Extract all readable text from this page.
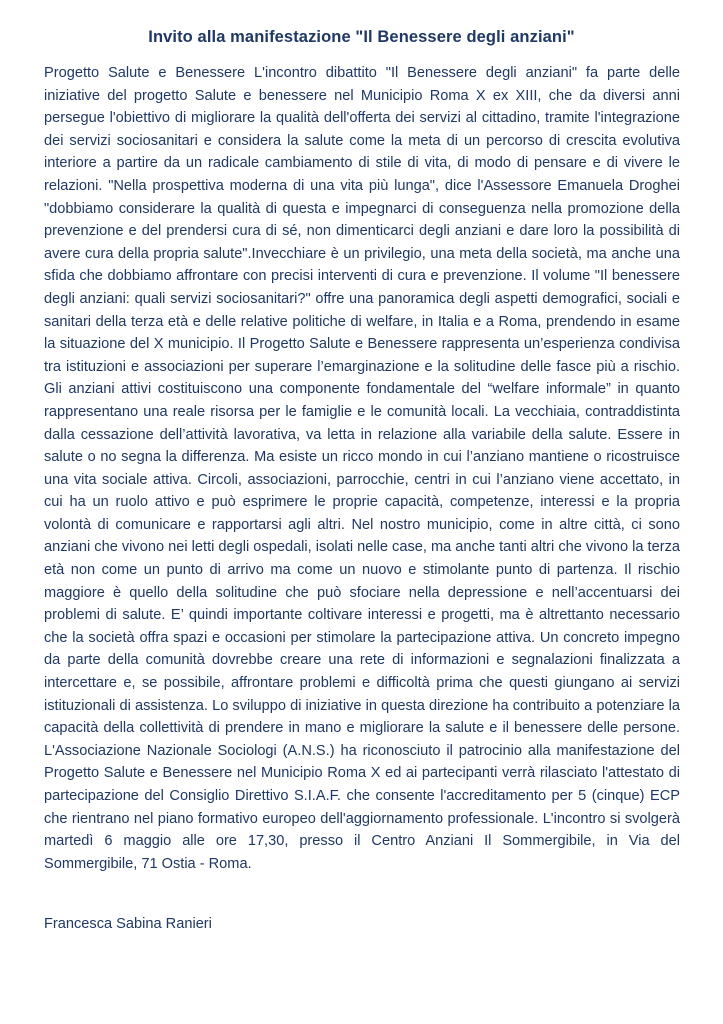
Invito alla manifestazione "Il Benessere degli anziani"
Progetto Salute e Benessere L'incontro dibattito "Il Benessere degli anziani" fa parte delle iniziative del progetto Salute e benessere nel Municipio Roma X ex XIII, che da diversi anni persegue l'obiettivo di migliorare la qualità dell'offerta dei servizi al cittadino, tramite l'integrazione dei servizi sociosanitari e considera la salute come la meta di un percorso di crescita evolutiva interiore a partire da un radicale cambiamento di stile di vita, di modo di pensare e di vivere le relazioni. "Nella prospettiva moderna di una vita più lunga", dice l'Assessore Emanuela Droghei "dobbiamo considerare la qualità di questa e impegnarci di conseguenza nella promozione della prevenzione e del prendersi cura di sé, non dimenticarci degli anziani e dare loro la possibilità di avere cura della propria salute".Invecchiare è un privilegio, una meta della società, ma anche una sfida che dobbiamo affrontare con precisi interventi di cura e prevenzione. Il volume "Il benessere degli anziani: quali servizi sociosanitari?" offre una panoramica degli aspetti demografici, sociali e sanitari della terza età e delle relative politiche di welfare, in Italia e a Roma, prendendo in esame la situazione del X municipio. Il Progetto Salute e Benessere rappresenta un’esperienza condivisa tra istituzioni e associazioni per superare l’emarginazione e la solitudine delle fasce più a rischio. Gli anziani attivi costituiscono una componente fondamentale del “welfare informale” in quanto rappresentano una reale risorsa per le famiglie e le comunità locali. La vecchiaia, contraddistinta dalla cessazione dell’attività lavorativa, va letta in relazione alla variabile della salute. Essere in salute o no segna la differenza. Ma esiste un ricco mondo in cui l’anziano mantiene o ricostruisce una vita sociale attiva. Circoli, associazioni, parrocchie, centri in cui l’anziano viene accettato, in cui ha un ruolo attivo e può esprimere le proprie capacità, competenze, interessi e la propria volontà di comunicare e rapportarsi agli altri. Nel nostro municipio, come in altre città, ci sono anziani che vivono nei letti degli ospedali, isolati nelle case, ma anche tanti altri che vivono la terza età non come un punto di arrivo ma come un nuovo e stimolante punto di partenza. Il rischio maggiore è quello della solitudine che può sfociare nella depressione e nell’accentuarsi dei problemi di salute. E’ quindi importante coltivare interessi e progetti, ma è altrettanto necessario che la società offra spazi e occasioni per stimolare la partecipazione attiva. Un concreto impegno da parte della comunità dovrebbe creare una rete di informazioni e segnalazioni finalizzata a intercettare e, se possibile, affrontare problemi e difficoltà prima che questi giungano ai servizi istituzionali di assistenza. Lo sviluppo di iniziative in questa direzione ha contribuito a potenziare la capacità della collettività di prendere in mano e migliorare la salute e il benessere delle persone. L'Associazione Nazionale Sociologi (A.N.S.) ha riconosciuto il patrocinio alla manifestazione del Progetto Salute e Benessere nel Municipio Roma X ed ai partecipanti verrà rilasciato l'attestato di partecipazione del Consiglio Direttivo S.I.A.F. che consente l'accreditamento per 5 (cinque) ECP che rientrano nel piano formativo europeo dell'aggiornamento professionale. L'incontro si svolgerà martedì 6 maggio alle ore 17,30, presso il Centro Anziani Il Sommergibile, in Via del Sommergibile, 71 Ostia - Roma.
Francesca Sabina Ranieri
